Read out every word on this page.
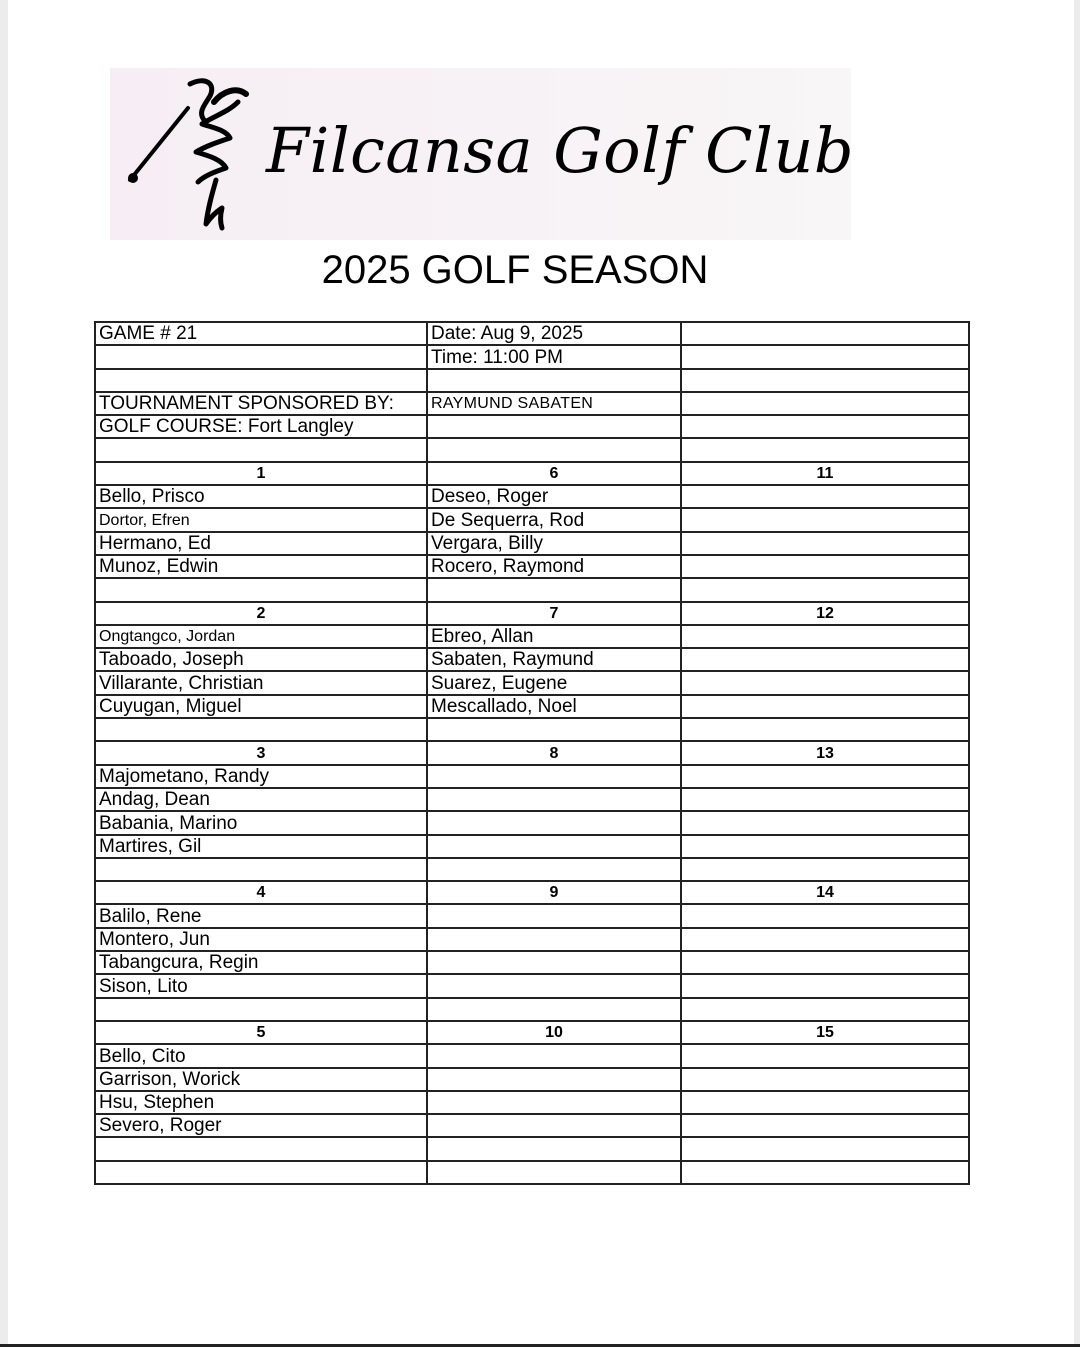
Filcansa Golf Club
2025 GOLF SEASON
GAME # 21	Date: Aug 9, 2025	
	Time: 11:00 PM	

TOURNAMENT SPONSORED BY:	RAYMUND SABATEN	
GOLF COURSE: Fort Langley		

1	6	11
Bello, Prisco	Deseo, Roger	
Dortor, Efren	De Sequerra, Rod	
Hermano, Ed	Vergara, Billy	
Munoz, Edwin	Rocero, Raymond	

2	7	12
Ongtangco, Jordan	Ebreo, Allan	
Taboado, Joseph	Sabaten, Raymund	
Villarante, Christian	Suarez, Eugene	
Cuyugan, Miguel	Mescallado, Noel	

3	8	13
Majometano, Randy		
Andag, Dean		
Babania, Marino		
Martires, Gil		

4	9	14
Balilo, Rene		
Montero, Jun		
Tabangcura, Regin		
Sison, Lito		

5	10	15
Bello, Cito		
Garrison, Worick		
Hsu, Stephen		
Severo, Roger		
